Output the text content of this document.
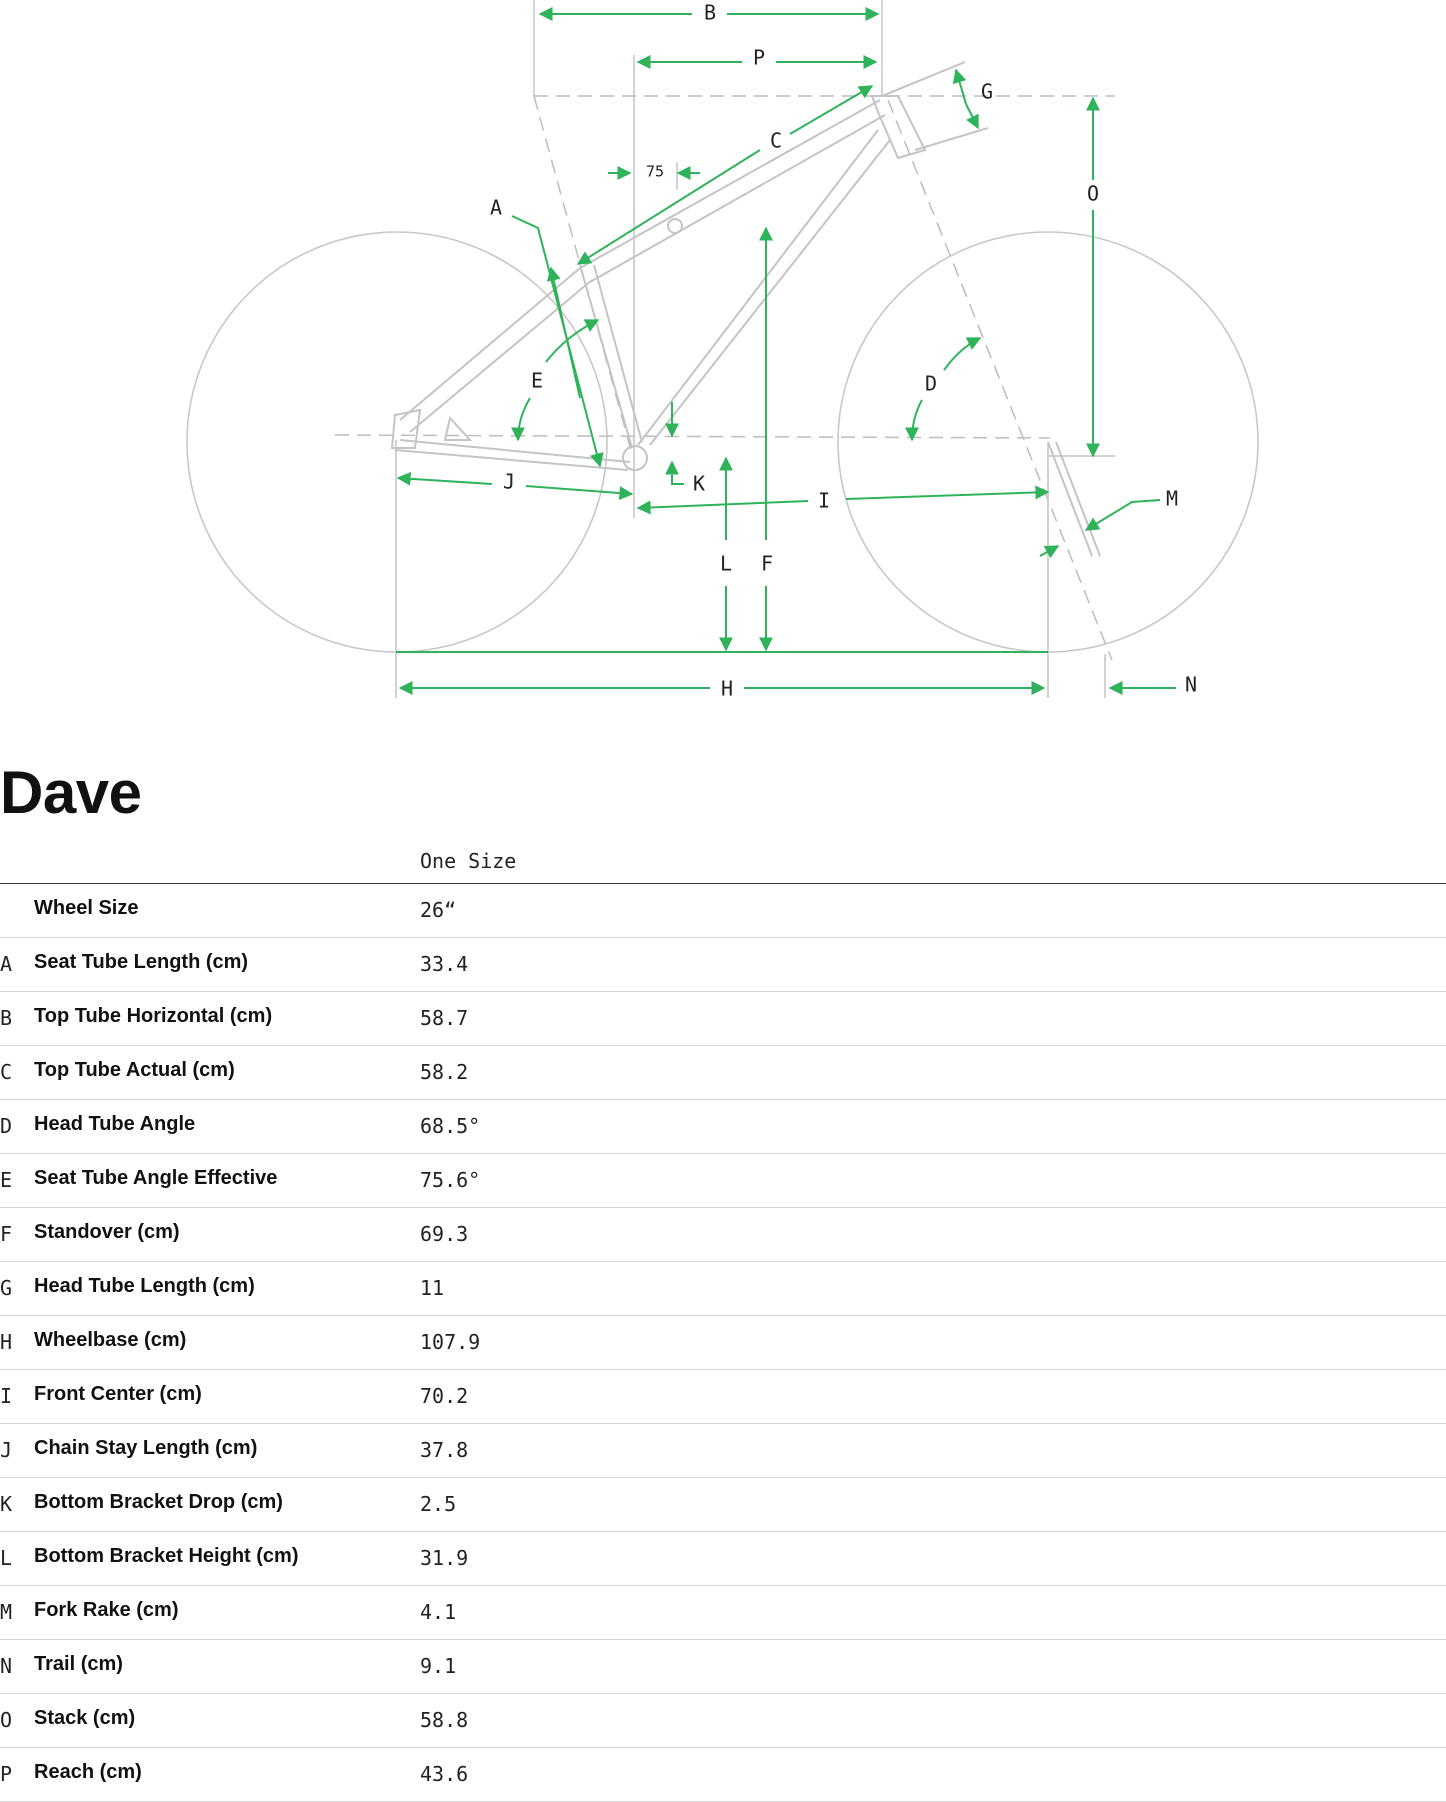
B
P
C
75
A
G
O
E	D
K
J
I
L F
H
M
N
Dave
One Size
Wheel Size	26“
A Seat Tube Length (cm)	33.4
B Top Tube Horizontal (cm)	58.7
C Top Tube Actual (cm)	58.2
D Head Tube Angle	68.5°
E Seat Tube Angle Effective	75.6°
F Standover (cm)	69.3
G Head Tube Length (cm)	11
H Wheelbase (cm)	107.9
I Front Center (cm)	70.2
J Chain Stay Length (cm)	37.8
K Bottom Bracket Drop (cm)	2.5
L Bottom Bracket Height (cm)	31.9
M Fork Rake (cm)	4.1
N Trail (cm)	9.1
O Stack (cm)	58.8
P Reach (cm)	43.6
